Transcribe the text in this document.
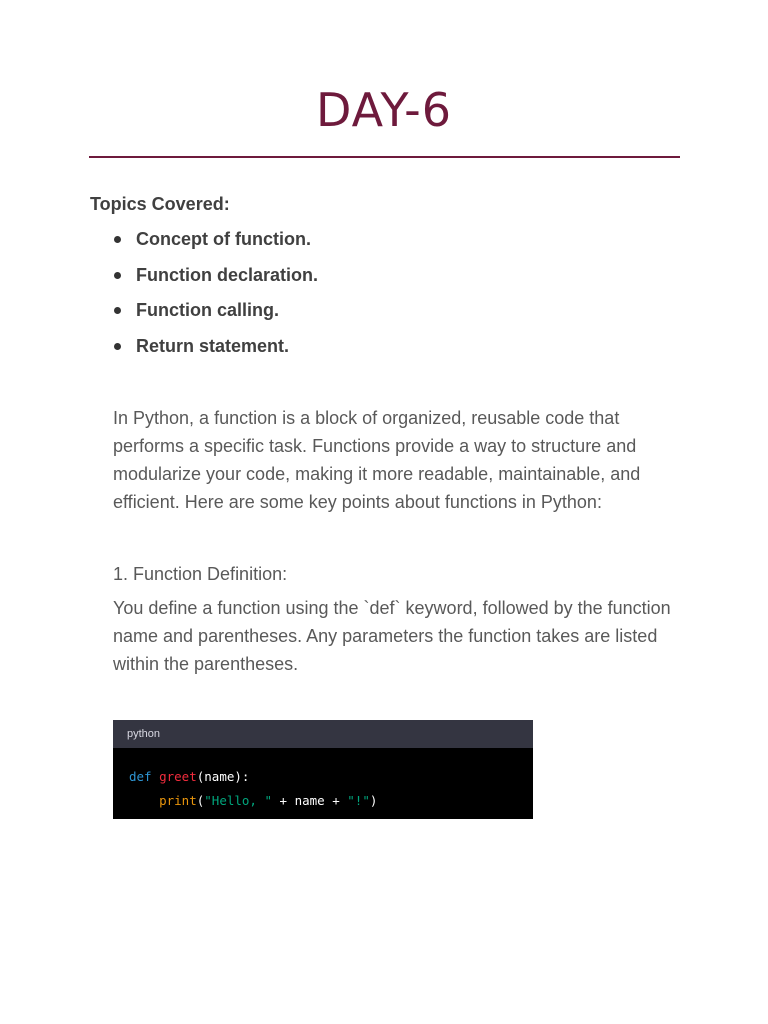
DAY-6
Topics Covered:
Concept of function.
Function declaration.
Function calling.
Return statement.

In Python, a function is a block of organized, reusable code that performs a specific task. Functions provide a way to structure and modularize your code, making it more readable, maintainable, and efficient. Here are some key points about functions in Python:

1. Function Definition:

You define a function using the `def` keyword, followed by the function name and parentheses. Any parameters the function takes are listed within the parentheses.

python
def greet(name):
print("Hello, " + name + "!")
